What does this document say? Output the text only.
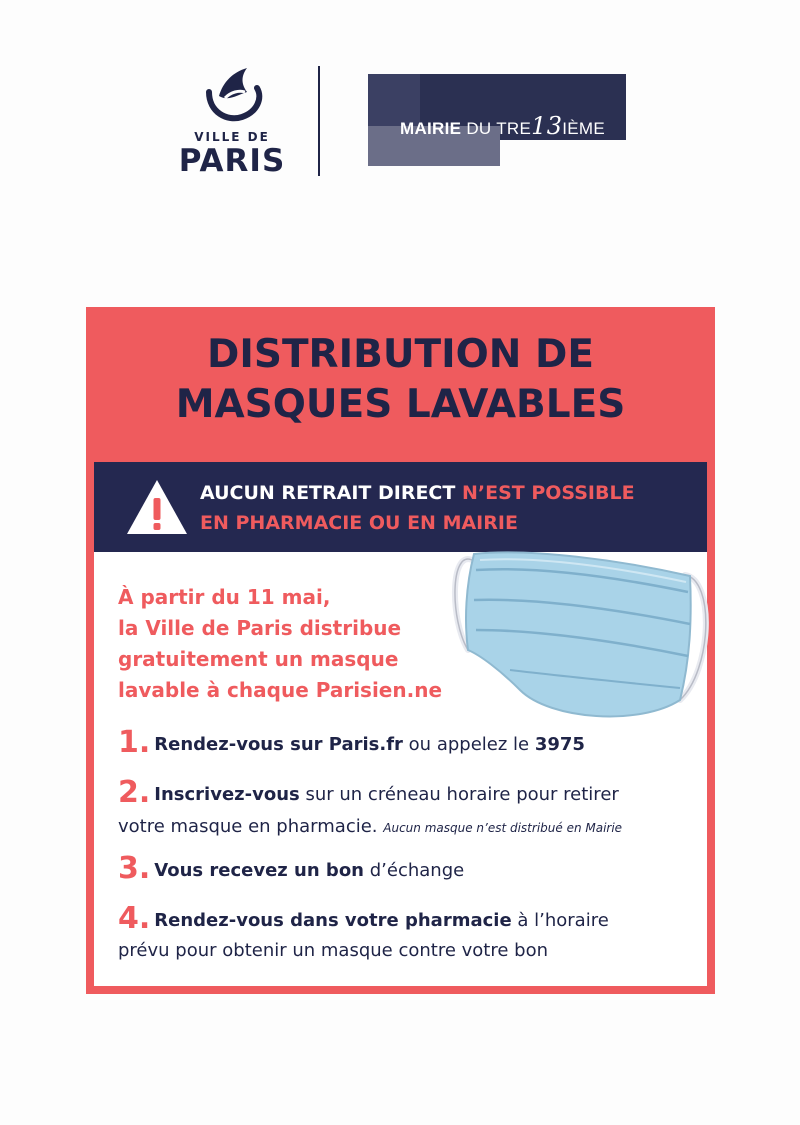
VILLE DE
PARIS
MAIRIE DU TRE13IÈME
DISTRIBUTION DE
MASQUES LAVABLES
AUCUN RETRAIT DIRECT N’EST POSSIBLE
EN PHARMACIE OU EN MAIRIE
À partir du 11 mai,
la Ville de Paris distribue
gratuitement un masque
lavable à chaque Parisien.ne
1. Rendez-vous sur Paris.fr ou appelez le 3975
2. Inscrivez-vous sur un créneau horaire pour retirer
votre masque en pharmacie. Aucun masque n’est distribué en Mairie
3. Vous recevez un bon d’échange
4. Rendez-vous dans votre pharmacie à l’horaire
prévu pour obtenir un masque contre votre bon
